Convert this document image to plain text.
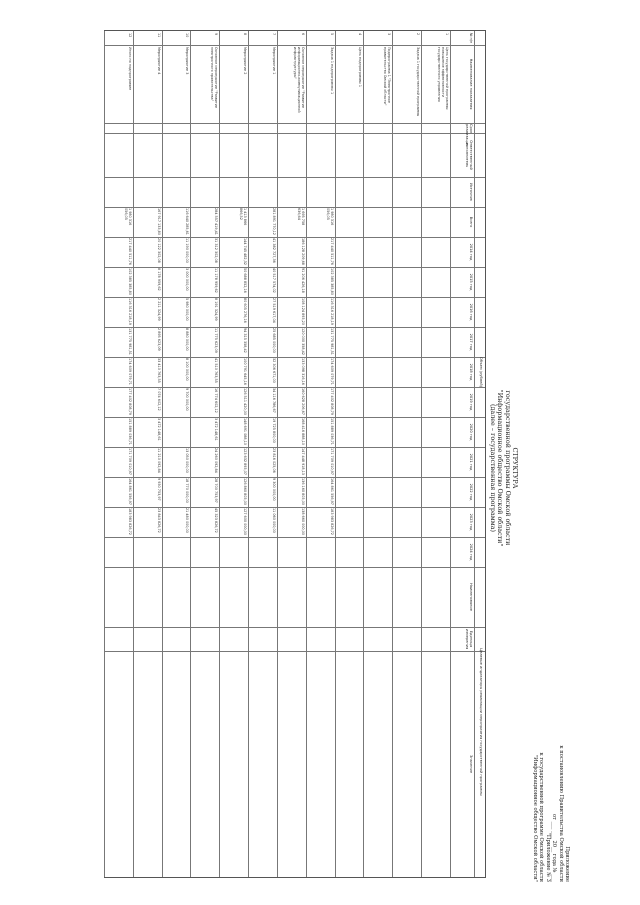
Приложение
к постановлению Правительства Омской области
от ___ ___ 20__ года № ___
"Приложение № 3
к государственной программе Омской области
"Информационное общество Омской области"
СТРУКТУРА
государственной программы Омской области
"Информационное общество Омской области"
(далее – государственная программа)
Объем (рублей)
Целевые индикаторы реализации мероприятия государственной программы
№ п/п
Наименование показателя
Срок реализации
Ответственный исполнитель
Источник
Всего
2014 год
2015 год
2016 год
2017 год
2018 год
2019 год
2020 год
2021 год
2022 год
2023 год
2024 год
Наименование
Единица измерения
Значение
1
Цель государственной программы: повышение эффективности государственного управления
2
Задача 1 государственной программы
3
Подпрограмма 1 "Электронное правительство Омской области"
4
Цель подпрограммы 1
5
Задача 1 подпрограммы 1
1 980 316 056,05
217 440 511,76
102 385 385,80
116 316 218,19
131 775 981,51
174 609 079,71
177 402 808,79
151 889 036,71
171 709 010,97
164 861 556,97
183 983 826,72
6
Основное мероприятие "Развитие информационно-коммуникационной инфраструктуры"
1 695 758 636,64
186 128 209,68
91 206 426,18
108 124 893,20
120 000 358,42
133 098 316,16
160 628 206,67
168 416 888,10
147 448 918,13
136 160 803,00
138 660 000,00
7
Мероприятие 1
281 891 770,12
41 382 727,36
40 517 574,02
27 519 617,04
25 685 000,00
32 306 671,00
34 116 786,67
19 725 800,00
23 816 025,06
9 300 000,00
11 060 000,00
8
Мероприятие 2
1 413 866 866,52
144 745 482,32
50 688 852,16
80 605 276,16
94 315 358,42
100 791 645,16
126 511 420,00
148 691 088,10
123 632 893,07
126 860 803,00
127 600 000,00
9
Основное мероприятие "Развитие электронного правительства"
284 557 419,41
31 312 302,08
11 178 959,62
8 191 324,99
11 775 623,09
41 510 763,55
16 774 602,12
3 472 148,61
24 260 092,84
28 700 753,97
45 323 826,72
10
Мероприятие 3
116 640 285,61
11 190 000,00
3 000 000,00
5 980 000,00
8 880 000,00
8 100 000,00
9 700 000,00
13 050 000,00
18 770 000,00
21 480 000,00
11
Мероприятие 4
167 917 133,80
20 122 302,08
8 178 959,62
2 211 324,99
2 895 623,09
33 410 763,55
7 074 602,12
3 472 148,61
11 210 092,84
9 930 753,97
23 843 826,72
12
Итого по подпрограмме
1 980 316 056,05
217 440 511,76
102 385 385,80
116 316 218,19
131 775 981,51
174 609 079,71
177 402 808,79
151 889 036,71
171 709 010,97
164 861 556,97
183 983 826,72
